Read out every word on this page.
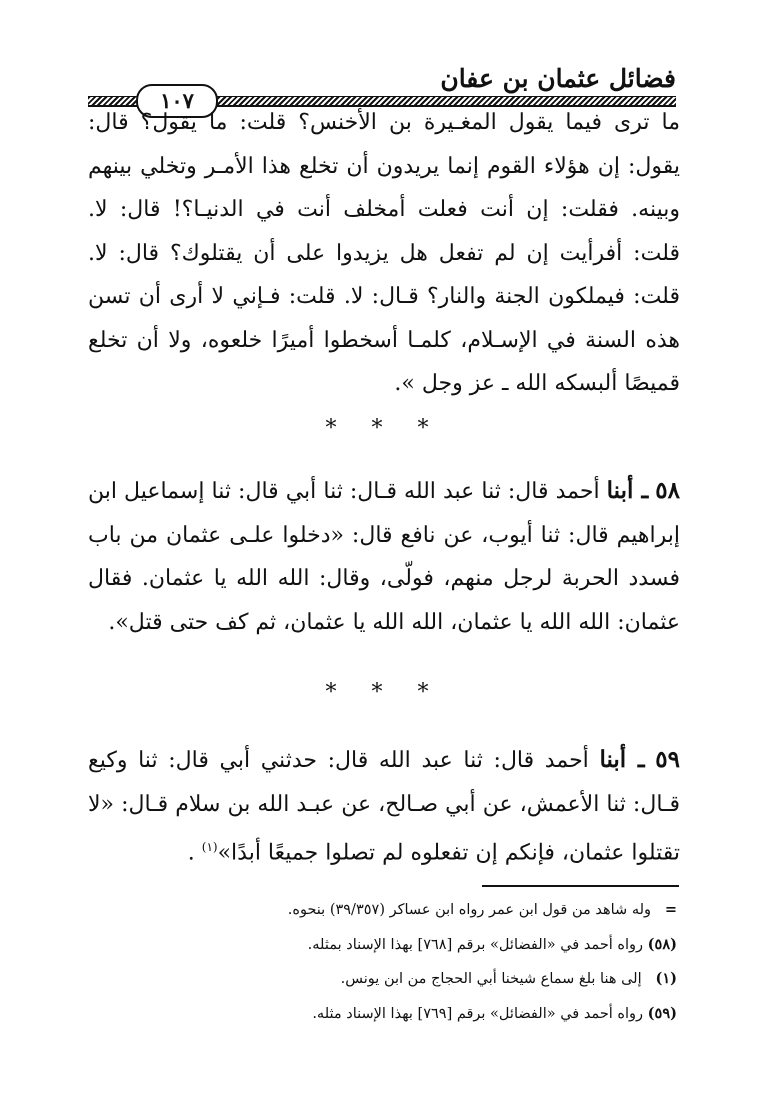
فضائل عثمان بن عفان
١٠٧

ما ترى فيما يقول المغـيرة بن الأخنس؟ قلت: ما يقول؟ قال: يقول: إن هؤلاء القوم إنما يريدون أن تخلع هذا الأمـر وتخلي بينهم وبينه. فقلت: إن أنت فعلت أمخلف أنت في الدنيـا؟! قال: لا. قلت: أفرأيت إن لم تفعل هل يزيدوا على أن يقتلوك؟ قال: لا. قلت: فيملكون الجنة والنار؟ قـال: لا. قلت: فـإني لا أرى أن تسن هذه السنة في الإسـلام، كلمـا أسخطوا أميرًا خلعوه، ولا أن تخلع قميصًا ألبسكه الله ـ عز وجل ».

* * *

٥٨ ـ أبنا أحمد قال: ثنا عبد الله قـال: ثنا أبي قال: ثنا إسماعيل ابن إبراهيم قال: ثنا أيوب، عن نافع قال: «دخلوا علـى عثمان من باب فسدد الحربة لرجل منهم، فولّى، وقال: الله الله يا عثمان. فقال عثمان: الله الله يا عثمان، الله الله يا عثمان، ثم كف حتى قتل».

* * *

٥٩ ـ أبنا أحمد قال: ثنا عبد الله قال: حدثني أبي قال: ثنا وكيع قـال: ثنا الأعمش، عن أبي صـالح، عن عبـد الله بن سلام قـال: «لا تقتلوا عثمان، فإنكم إن تفعلوه لم تصلوا جميعًا أبدًا»$^{(١)}$ .

=   وله شاهد من قول ابن عمر رواه ابن عساكر (٣٩/٣٥٧) بنحوه.

(٥٨) رواه أحمد في «الفضائل» برقم [٧٦٨] بهذا الإسناد بمثله.

(١)   إلى هنا بلغ سماع شيخنا أبي الحجاج من ابن يونس.

(٥٩) رواه أحمد في «الفضائل» برقم [٧٦٩] بهذا الإسناد مثله.
